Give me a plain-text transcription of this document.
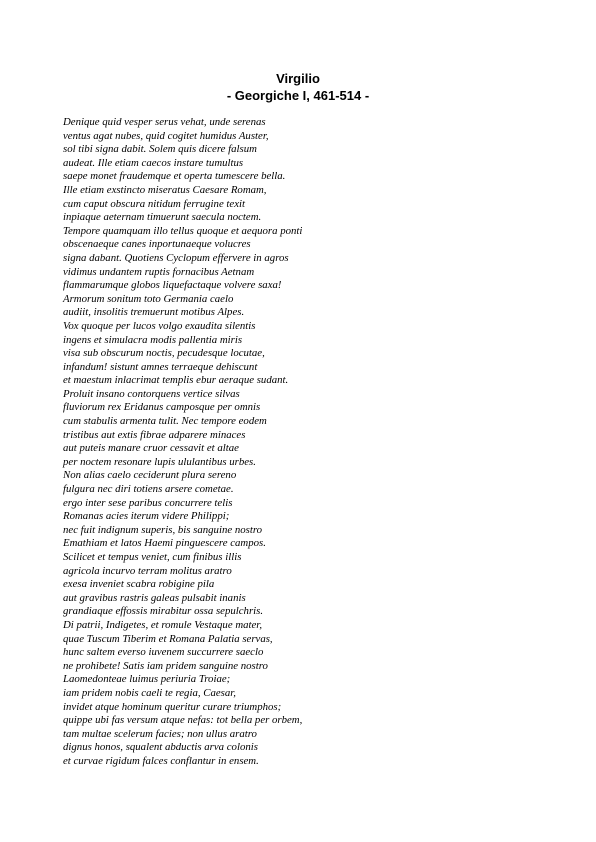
Virgilio
- Georgiche I, 461-514 -
Denique quid vesper serus vehat, unde serenas
ventus agat nubes, quid cogitet humidus Auster,
sol tibi signa dabit. Solem quis dicere falsum
audeat. Ille etiam caecos instare tumultus
saepe monet fraudemque et operta tumescere bella.
Ille etiam exstincto miseratus Caesare Romam,
cum caput obscura nitidum ferrugine texit
inpiaque aeternam timuerunt saecula noctem.
Tempore quamquam illo tellus quoque et aequora ponti
obscenaeque canes inportunaeque volucres
signa dabant. Quotiens Cyclopum effervere in agros
vidimus undantem ruptis fornacibus Aetnam
flammarumque globos liquefactaque volvere saxa!
Armorum sonitum toto Germania caelo
audiit, insolitis tremuerunt motibus Alpes.
Vox quoque per lucos volgo exaudita silentis
ingens et simulacra modis pallentia miris
visa sub obscurum noctis, pecudesque locutae,
infandum! sistunt amnes terraeque dehiscunt
et maestum inlacrimat templis ebur aeraque sudant.
Proluit insano contorquens vertice silvas
fluviorum rex Eridanus camposque per omnis
cum stabulis armenta tulit. Nec tempore eodem
tristibus aut extis fibrae adparere minaces
aut puteis manare cruor cessavit et altae
per noctem resonare lupis ululantibus urbes.
Non alias caelo ceciderunt plura sereno
fulgura nec diri totiens arsere cometae.
ergo inter sese paribus concurrere telis
Romanas acies iterum videre Philippi;
nec fuit indignum superis, bis sanguine nostro
Emathiam et latos Haemi pinguescere campos.
Scilicet et tempus veniet, cum finibus illis
agricola incurvo terram molitus aratro
exesa inveniet scabra robigine pila
aut gravibus rastris galeas pulsabit inanis
grandiaque effossis mirabitur ossa sepulchris.
Di patrii, Indigetes, et romule Vestaque mater,
quae Tuscum Tiberim et Romana Palatia servas,
hunc saltem everso iuvenem succurrere saeclo
ne prohibete! Satis iam pridem sanguine nostro
Laomedonteae luimus periuria Troiae;
iam pridem nobis caeli te regia, Caesar,
invidet atque hominum queritur curare triumphos;
quippe ubi fas versum atque nefas: tot bella per orbem,
tam multae scelerum facies; non ullus aratro
dignus honos, squalent abductis arva colonis
et curvae rigidum falces conflantur in ensem.
